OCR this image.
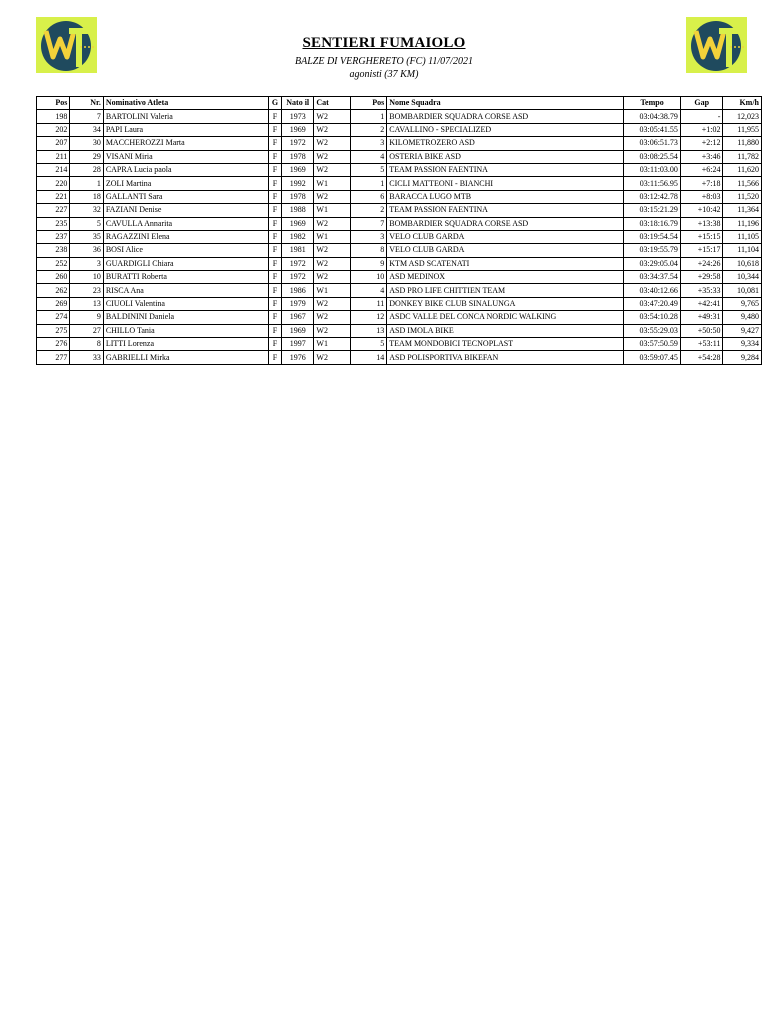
SENTIERI FUMAIOLO
BALZE DI VERGHERETO (FC) 11/07/2021
agonisti (37 KM)
Pos	Nr.	Nominativo Atleta	G	Nato il	Cat	Pos	Nome Squadra	Tempo	Gap	Km/h
198	7	BARTOLINI Valeria	F	1973	W2	1	BOMBARDIER SQUADRA CORSE ASD	03:04:38.79	-	12,023
202	34	PAPI Laura	F	1969	W2	2	CAVALLINO - SPECIALIZED	03:05:41.55	+1:02	11,955
207	30	MACCHEROZZI Marta	F	1972	W2	3	KILOMETROZERO ASD	03:06:51.73	+2:12	11,880
211	29	VISANI Miria	F	1978	W2	4	OSTERIA BIKE ASD	03:08:25.54	+3:46	11,782
214	28	CAPRA Lucia paola	F	1969	W2	5	TEAM PASSION FAENTINA	03:11:03.00	+6:24	11,620
220	1	ZOLI Martina	F	1992	W1	1	CICLI MATTEONI - BIANCHI	03:11:56.95	+7:18	11,566
221	18	GALLANTI Sara	F	1978	W2	6	BARACCA LUGO MTB	03:12:42.78	+8:03	11,520
227	32	FAZIANI Denise	F	1988	W1	2	TEAM PASSION FAENTINA	03:15:21.29	+10:42	11,364
235	5	CAVULLA Annarita	F	1969	W2	7	BOMBARDIER SQUADRA CORSE ASD	03:18:16.79	+13:38	11,196
237	35	RAGAZZINI Elena	F	1982	W1	3	VELO CLUB GARDA	03:19:54.54	+15:15	11,105
238	36	BOSI Alice	F	1981	W2	8	VELO CLUB GARDA	03:19:55.79	+15:17	11,104
252	3	GUARDIGLI Chiara	F	1972	W2	9	KTM ASD SCATENATI	03:29:05.04	+24:26	10,618
260	10	BURATTI Roberta	F	1972	W2	10	ASD MEDINOX	03:34:37.54	+29:58	10,344
262	23	RISCA Ana	F	1986	W1	4	ASD PRO LIFE CHITTIEN TEAM	03:40:12.66	+35:33	10,081
269	13	CIUOLI Valentina	F	1979	W2	11	DONKEY BIKE CLUB SINALUNGA	03:47:20.49	+42:41	9,765
274	9	BALDININI Daniela	F	1967	W2	12	ASDC VALLE DEL CONCA NORDIC WALKING	03:54:10.28	+49:31	9,480
275	27	CHILLO Tania	F	1969	W2	13	ASD IMOLA BIKE	03:55:29.03	+50:50	9,427
276	8	LITTI Lorenza	F	1997	W1	5	TEAM MONDOBICI TECNOPLAST	03:57:50.59	+53:11	9,334
277	33	GABRIELLI Mirka	F	1976	W2	14	ASD POLISPORTIVA BIKEFAN	03:59:07.45	+54:28	9,284
